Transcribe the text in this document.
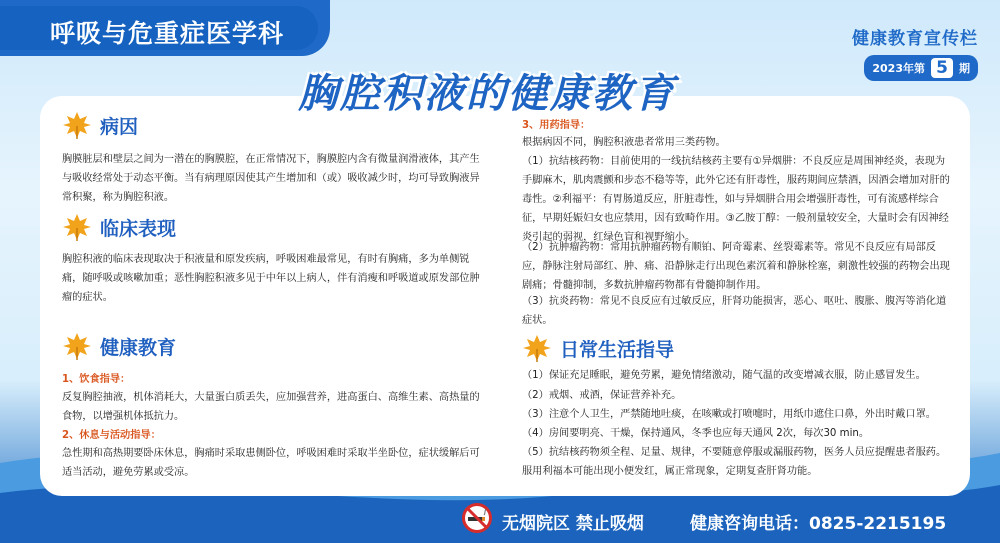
呼吸与危重症医学科	健康教育宣传栏
2023年第 5	期
胸腔积液的健康教育
病因
胸膜脏层和壁层之间为一潜在的胸膜腔，在正常情况下，胸膜腔内含有微量润滑液体，其产生与吸收经常处于动态平衡。当有病理原因使其产生增加和（或）吸收减少时，均可导致胸液异常积聚，称为胸腔积液。
临床表现
胸腔积液的临床表现取决于积液量和原发疾病，呼吸困难最常见，有时有胸痛，多为单侧锐痛，随呼吸或咳嗽加重；恶性胸腔积液多见于中年以上病人，伴有消瘦和呼吸道或原发部位肿瘤的症状。
健康教育
1、饮食指导：
反复胸腔抽液，机体消耗大，大量蛋白质丢失，应加强营养，进高蛋白、高维生素、高热量的食物，以增强机体抵抗力。
2、休息与活动指导：
急性期和高热期要卧床休息，胸痛时采取患侧卧位，呼吸困难时采取半坐卧位，症状缓解后可适当活动，避免劳累或受凉。
3、用药指导：
根据病因不同，胸腔积液患者常用三类药物。
（1）抗结核药物：目前使用的一线抗结核药主要有①异烟肼：不良反应是周围神经炎，表现为手脚麻木，肌肉震颤和步态不稳等等，此外它还有肝毒性，服药期间应禁酒，因酒会增加对肝的毒性。②利福平：有胃肠道反应，肝脏毒性，如与异烟肼合用会增强肝毒性，可有流感样综合征，早期妊娠妇女也应禁用，因有致畸作用。③乙胺丁醇：一般剂量较安全，大量时会有因神经炎引起的弱视，红绿色盲和视野缩小。
（2）抗肿瘤药物：常用抗肿瘤药物有顺铂、阿奇霉素、丝裂霉素等。常见不良反应有局部反应，静脉注射局部红、肿、痛、沿静脉走行出现色素沉着和静脉栓塞，刺激性较强的药物会出现剧痛；骨髓抑制，多数抗肿瘤药物都有骨髓抑制作用。
（3）抗炎药物：常见不良反应有过敏反应，肝肾功能损害，恶心、呕吐、腹胀、腹泻等消化道症状。
日常生活指导
（1）保证充足睡眠，避免劳累，避免情绪激动，随气温的改变增减衣服，防止感冒发生。
（2）戒烟、戒酒，保证营养补充。
（3）注意个人卫生，严禁随地吐痰，在咳嗽或打喷嚏时，用纸巾遮住口鼻，外出时戴口罩。
（4）房间要明亮、干燥，保持通风，冬季也应每天通风 2次，每次30 min。
（5）抗结核药物须全程、足量、规律，不要随意停服或漏服药物，医务人员应提醒患者服药。服用利福本可能出现小便发红，属正常现象，定期复查肝肾功能。
无烟院区 禁止吸烟	健康咨询电话：0825-2215195
